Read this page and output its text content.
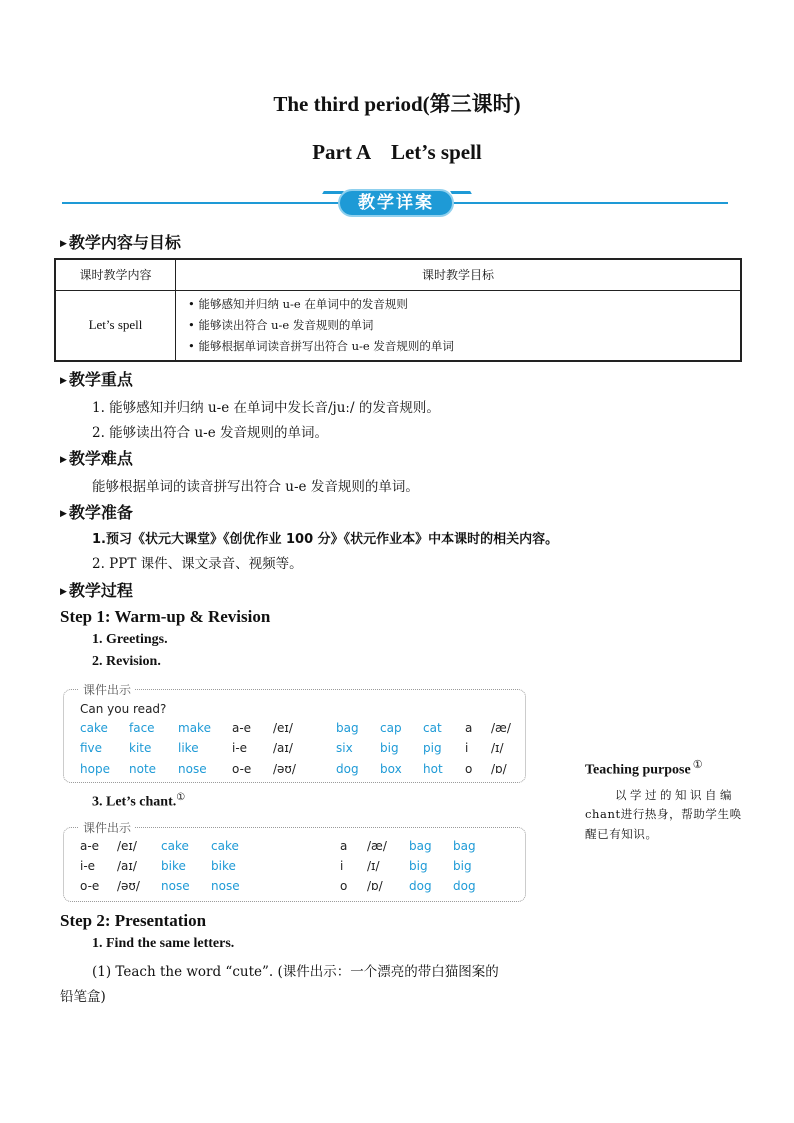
The third period(第三课时)
Part A    Let’s spell
教学详案
▶ 教学内容与目标
课时教学内容	课时教学目标
Let’s spell	• 能够感知并归纳 u-e 在单词中的发音规则
• 能够读出符合 u-e 发音规则的单词
• 能够根据单词读音拼写出符合 u-e 发音规则的单词
▶ 教学重点
1. 能够感知并归纳 u-e 在单词中发长音/juː/ 的发音规则。
2. 能够读出符合 u-e 发音规则的单词。
▶ 教学难点
能够根据单词的读音拼写出符合 u-e 发音规则的单词。
▶ 教学准备
1.预习《状元大课堂》《创优作业 100 分》《状元作业本》中本课时的相关内容。
2. PPT 课件、课文录音、视频等。
▶ 教学过程
Step 1: Warm-up & Revision
1. Greetings.
2. Revision.
课件出示
Can you read?
cake face make a-e /eɪ/	bag cap cat a /æ/
five kite like	i-e /aɪ/	six big pig i /ɪ/
hope note nose o-e /əʊ/	dog box hot o /ɒ/
3. Let’s chant.①
课件出示
a-e /eɪ/ cake cake	a /æ/ bag bag
i-e /aɪ/ bike bike	i /ɪ/ big big
o-e /əʊ/ nose nose	o /ɒ/ dog dog
Teaching purpose ①
以学过的知识自编
chant进行热身，帮助学生唤
醒已有知识。
Step 2: Presentation
1. Find the same letters.
(1) Teach the word “cute”. (课件出示：一个漂亮的带白猫图案的
铅笔盒)
